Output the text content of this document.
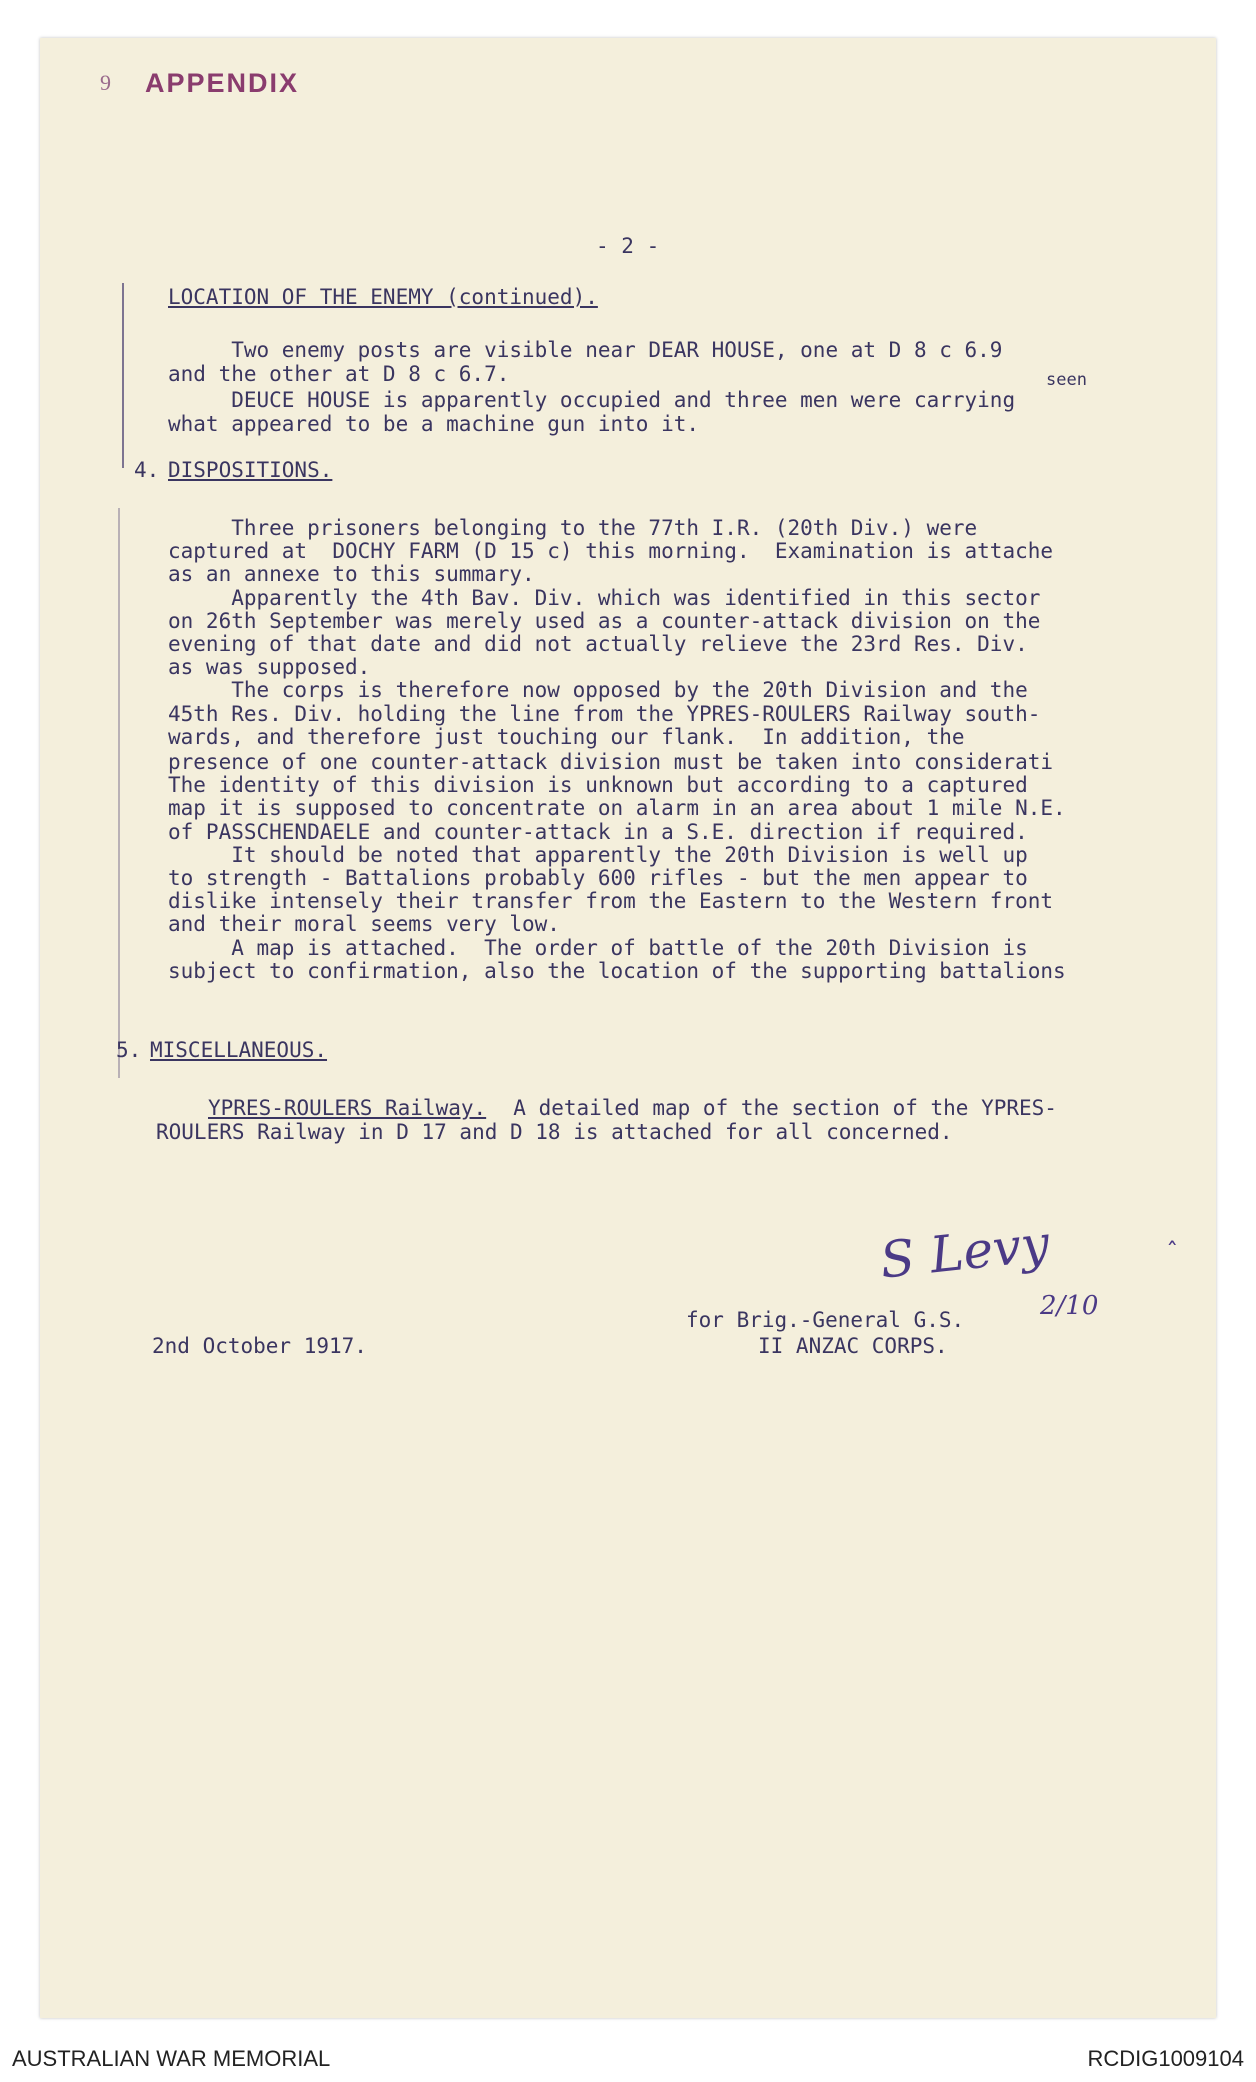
9 APPENDIX

- 2 -
LOCATION OF THE ENEMY (continued).
Two enemy posts are visible near DEAR HOUSE, one at D 8 c 6.9
and the other at D 8 c 6.7.
DEUCE HOUSE is apparently occupied and three men were carrying
what appeared to be a machine gun into it.
seen
4. DISPOSITIONS.
Three prisoners belonging to the 77th I.R. (20th Div.) were
captured at  DOCHY FARM (D 15 c) this morning.  Examination is attache
as an annexe to this summary.
Apparently the 4th Bav. Div. which was identified in this sector
on 26th September was merely used as a counter-attack division on the
evening of that date and did not actually relieve the 23rd Res. Div.
as was supposed.
The corps is therefore now opposed by the 20th Division and the
45th Res. Div. holding the line from the YPRES-ROULERS Railway south-
wards, and therefore just touching our flank.  In addition, the
presence of one counter-attack division must be taken into considerati
The identity of this division is unknown but according to a captured
map it is supposed to concentrate on alarm in an area about 1 mile N.E.
of PASSCHENDAELE and counter-attack in a S.E. direction if required.
It should be noted that apparently the 20th Division is well up
to strength - Battalions probably 600 rifles - but the men appear to
dislike intensely their transfer from the Eastern to the Western front
and their moral seems very low.
A map is attached.  The order of battle of the 20th Division is
subject to confirmation, also the location of the supporting battalions
5. MISCELLANEOUS.
YPRES-ROULERS Railway. A detailed map of the section of the YPRES-
ROULERS Railway in D 17 and D 18 is attached for all concerned.
S Levy
2/10
ˆ
2nd October 1917.
for Brig.-General G.S.
II ANZAC CORPS.
AUSTRALIAN WAR MEMORIAL	RCDIG1009104
